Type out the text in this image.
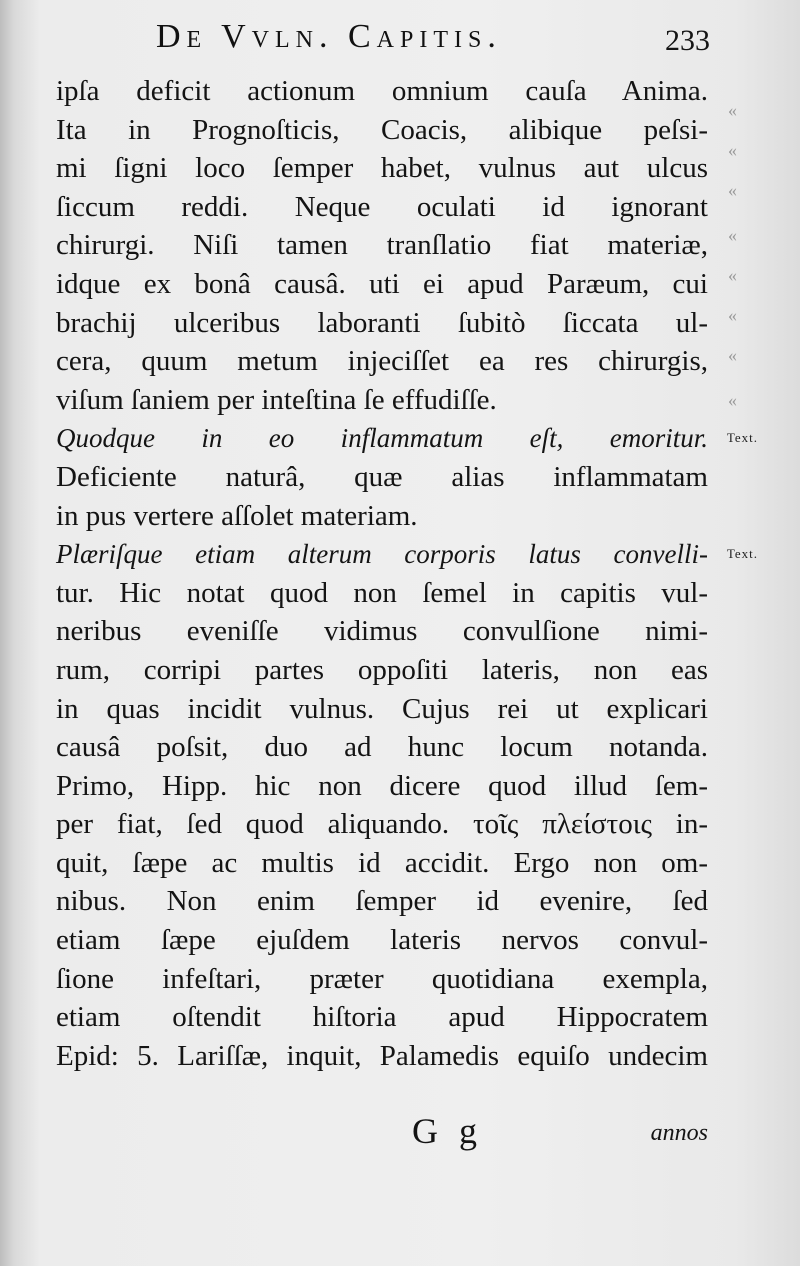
De Vvln. Capitis.	233
ipſa deficit actionum omnium cauſa Anima.
Ita in Prognoſticis, Coacis, alibique peſsi-
mi ſigni loco ſemper habet, vulnus aut ulcus
ſiccum reddi. Neque oculati id ignorant
chirurgi. Niſi tamen tranſlatio fiat materiæ,
idque ex bonâ causâ. uti ei apud Paræum, cui
brachij ulceribus laboranti ſubitò ſiccata ul-
cera, quum metum injeciſſet ea res chirurgis,
viſum ſaniem per inteſtina ſe effudiſſe.
Quodque in eo inflammatum eſt, emoritur. Text.
Deficiente naturâ, quæ alias inflammatam
in pus vertere aſſolet materiam.
Plæriſque etiam alterum corporis latus convelli- Text.
tur. Hic notat quod non ſemel in capitis vul-
neribus eveniſſe vidimus convulſione nimi-
rum, corripi partes oppoſiti lateris, non eas
in quas incidit vulnus. Cujus rei ut explicari
causâ poſsit, duo ad hunc locum notanda.
Primo, Hipp. hic non dicere quod illud ſem-
per fiat, ſed quod aliquando. τοῖς πλείστοις in-
quit, ſæpe ac multis id accidit. Ergo non om-
nibus. Non enim ſemper id evenire, ſed
etiam ſæpe ejuſdem lateris nervos convul-
ſione infeſtari, præter quotidiana exempla,
etiam oſtendit hiſtoria apud Hippocratem
Epid: 5. Lariſſæ, inquit, Palamedis equiſo undecim
«
«
«
«
«
«
«
«
G g	annos
